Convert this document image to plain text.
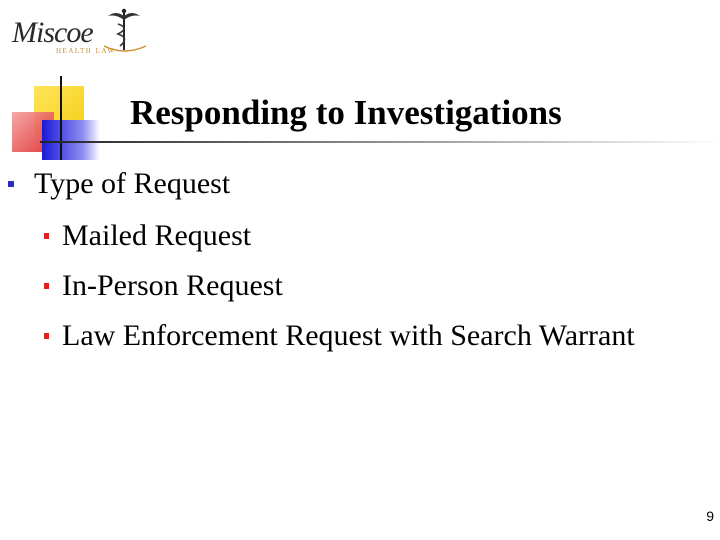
Miscoe
HEALTH LAW
Responding to Investigations
Type of Request
Mailed Request
In-Person Request
Law Enforcement Request with Search Warrant
9
